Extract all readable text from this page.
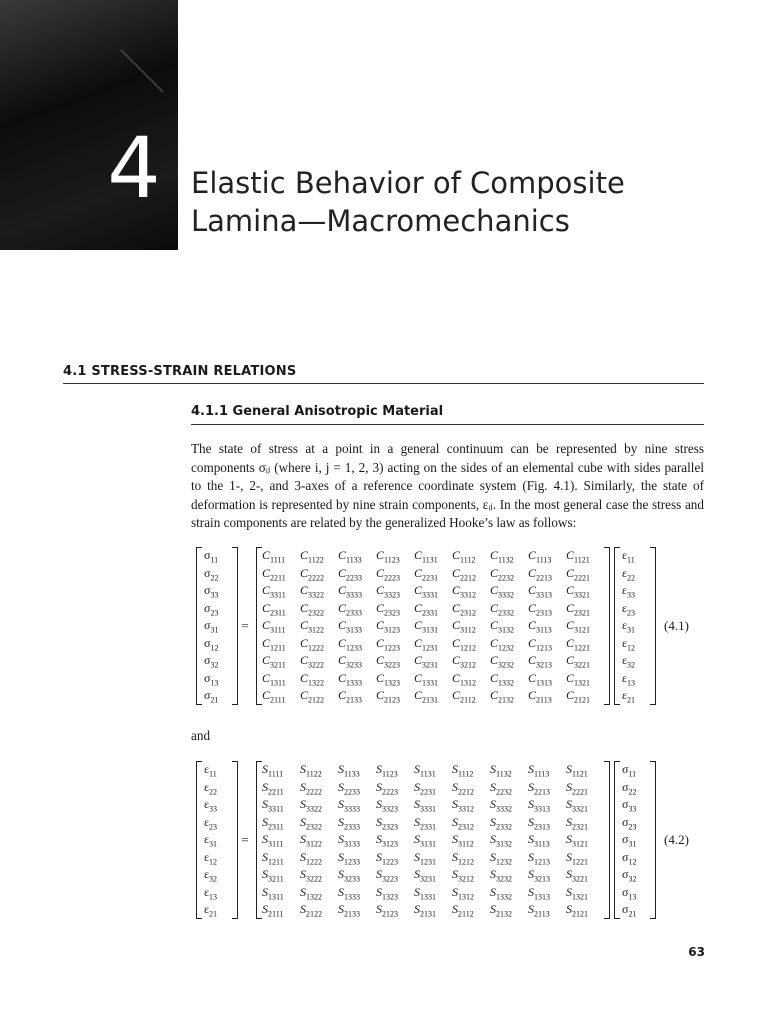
4 Elastic Behavior of Composite
Lamina—Macromechanics
4.1 STRESS-STRAIN RELATIONS
4.1.1 General Anisotropic Material
The state of stress at a point in a general continuum can be represented by nine stress components σᵢⱼ (where i, j = 1, 2, 3) acting on the sides of an elemental cube with sides parallel to the 1-, 2-, and 3-axes of a reference coordinate system (Fig. 4.1). Similarly, the state of deformation is represented by nine strain components, εᵢⱼ. In the most general case the stress and strain components are related by the generalized Hooke’s law as follows:
$\sigma_{11}$
$\sigma_{22}$
$\sigma_{33}$
$\sigma_{23}$
$\sigma_{31}$
$\sigma_{12}$
$\sigma_{32}$
$\sigma_{13}$
$\sigma_{21}$
=
$C_{1111}$	$C_{1122}$	$C_{1133}$	$C_{1123}$	$C_{1131}$	$C_{1112}$	$C_{1132}$	$C_{1113}$	$C_{1121}$
$C_{2211}$	$C_{2222}$	$C_{2233}$	$C_{2223}$	$C_{2231}$	$C_{2212}$	$C_{2232}$	$C_{2213}$	$C_{2221}$
$C_{3311}$	$C_{3322}$	$C_{3333}$	$C_{3323}$	$C_{3331}$	$C_{3312}$	$C_{3332}$	$C_{3313}$	$C_{3321}$
$C_{2311}$	$C_{2322}$	$C_{2333}$	$C_{2323}$	$C_{2331}$	$C_{2312}$	$C_{2332}$	$C_{2313}$	$C_{2321}$
$C_{3111}$	$C_{3122}$	$C_{3133}$	$C_{3123}$	$C_{3131}$	$C_{3112}$	$C_{3132}$	$C_{3113}$	$C_{3121}$
$C_{1211}$	$C_{1222}$	$C_{1233}$	$C_{1223}$	$C_{1231}$	$C_{1212}$	$C_{1232}$	$C_{1213}$	$C_{1221}$
$C_{3211}$	$C_{3222}$	$C_{3233}$	$C_{3223}$	$C_{3231}$	$C_{3212}$	$C_{3232}$	$C_{3213}$	$C_{3221}$
$C_{1311}$	$C_{1322}$	$C_{1333}$	$C_{1323}$	$C_{1331}$	$C_{1312}$	$C_{1332}$	$C_{1313}$	$C_{1321}$
$C_{2111}$	$C_{2122}$	$C_{2133}$	$C_{2123}$	$C_{2131}$	$C_{2112}$	$C_{2132}$	$C_{2113}$	$C_{2121}$
$\varepsilon_{11}$
$\varepsilon_{22}$
$\varepsilon_{33}$
$\varepsilon_{23}$
$\varepsilon_{31}$
$\varepsilon_{12}$
$\varepsilon_{32}$
$\varepsilon_{13}$
$\varepsilon_{21}$
(4.1)
and
$\varepsilon_{11}$
$\varepsilon_{22}$
$\varepsilon_{33}$
$\varepsilon_{23}$
$\varepsilon_{31}$
$\varepsilon_{12}$
$\varepsilon_{32}$
$\varepsilon_{13}$
$\varepsilon_{21}$
=
$S_{1111}$	$S_{1122}$	$S_{1133}$	$S_{1123}$	$S_{1131}$	$S_{1112}$	$S_{1132}$	$S_{1113}$	$S_{1121}$
$S_{2211}$	$S_{2222}$	$S_{2233}$	$S_{2223}$	$S_{2231}$	$S_{2212}$	$S_{2232}$	$S_{2213}$	$S_{2221}$
$S_{3311}$	$S_{3322}$	$S_{3333}$	$S_{3323}$	$S_{3331}$	$S_{3312}$	$S_{3332}$	$S_{3313}$	$S_{3321}$
$S_{2311}$	$S_{2322}$	$S_{2333}$	$S_{2323}$	$S_{2331}$	$S_{2312}$	$S_{2332}$	$S_{2313}$	$S_{2321}$
$S_{3111}$	$S_{3122}$	$S_{3133}$	$S_{3123}$	$S_{3131}$	$S_{3112}$	$S_{3132}$	$S_{3113}$	$S_{3121}$
$S_{1211}$	$S_{1222}$	$S_{1233}$	$S_{1223}$	$S_{1231}$	$S_{1212}$	$S_{1232}$	$S_{1213}$	$S_{1221}$
$S_{3211}$	$S_{3222}$	$S_{3233}$	$S_{3223}$	$S_{3231}$	$S_{3212}$	$S_{3232}$	$S_{3213}$	$S_{3221}$
$S_{1311}$	$S_{1322}$	$S_{1333}$	$S_{1323}$	$S_{1331}$	$S_{1312}$	$S_{1332}$	$S_{1313}$	$S_{1321}$
$S_{2111}$	$S_{2122}$	$S_{2133}$	$S_{2123}$	$S_{2131}$	$S_{2112}$	$S_{2132}$	$S_{2113}$	$S_{2121}$
$\sigma_{11}$
$\sigma_{22}$
$\sigma_{33}$
$\sigma_{23}$
$\sigma_{31}$
$\sigma_{12}$
$\sigma_{32}$
$\sigma_{13}$
$\sigma_{21}$
(4.2)
63
